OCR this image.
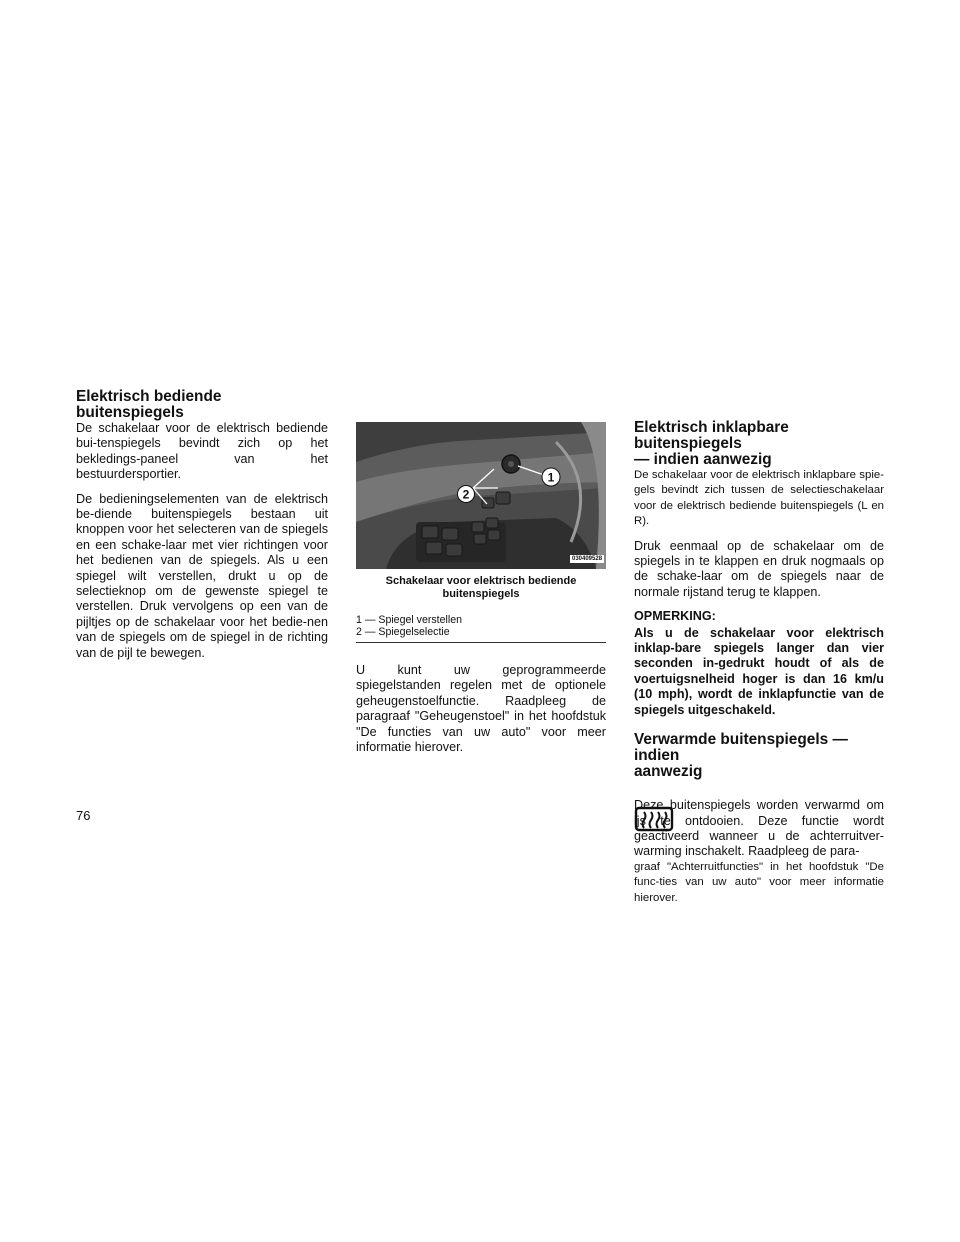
Elektrisch bediende buitenspiegels

De schakelaar voor de elektrisch bediende bui-tenspiegels bevindt zich op het bekledings-paneel van het bestuurdersportier.

De bedieningselementen van de elektrisch be-diende buitenspiegels bestaan uit knoppen voor het selecteren van de spiegels en een schake-laar met vier richtingen voor het bedienen van de spiegels. Als u een spiegel wilt verstellen, drukt u op de selectieknop om de gewenste spiegel te verstellen. Druk vervolgens op een van de pijltjes op de schakelaar voor het bedie-nen van de spiegels om de spiegel in de richting van de pijl te bewegen.

1
2
030409528
Schakelaar voor elektrisch bediende
buitenspiegels
1 — Spiegel verstellen
2 — Spiegelselectie

U kunt uw geprogrammeerde spiegelstanden regelen met de optionele geheugenstoelfunctie. Raadpleeg de paragraaf "Geheugenstoel" in het hoofdstuk "De functies van uw auto" voor meer informatie hierover.

Elektrisch inklapbare buitenspiegels
— indien aanwezig

De schakelaar voor de elektrisch inklapbare spie-gels bevindt zich tussen de selectieschakelaar voor de elektrisch bediende buitenspiegels (L en R).

Druk eenmaal op de schakelaar om de spiegels in te klappen en druk nogmaals op de schake-laar om de spiegels naar de normale rijstand terug te klappen.

OPMERKING:
Als u de schakelaar voor elektrisch inklap-bare spiegels langer dan vier seconden in-gedrukt houdt of als de voertuigsnelheid hoger is dan 16 km/u (10 mph), wordt de inklapfunctie van de spiegels uitgeschakeld.
Verwarmde buitenspiegels — indien
aanwezig

Deze buitenspiegels worden verwarmd om ijs te ontdooien. Deze functie wordt geactiveerd wanneer u de achterruitver-warming inschakelt. Raadpleeg de para-

graaf "Achterruitfuncties" in het hoofdstuk "De func-ties van uw auto" voor meer informatie hierover.

76
